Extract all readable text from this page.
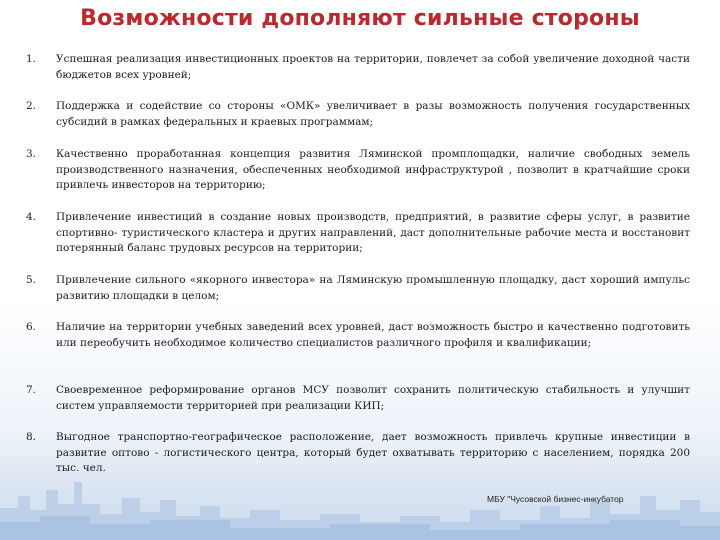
Возможности дополняют сильные стороны
1.	Успешная реализация инвестиционных проектов на территории, повлечет за собой увеличение доходной части бюджетов всех уровней;
2.	Поддержка и содействие со стороны «ОМК» увеличивает в разы возможность получения государственных субсидий в рамках федеральных и краевых программам;
3.	Качественно проработанная концепция развития Ляминской промплощадки, наличие свободных земель производственного назначения, обеспеченных необходимой инфраструктурой , позволит в кратчайшие сроки привлечь инвесторов на территорию;
4.	Привлечение инвестиций в создание новых производств, предприятий, в развитие сферы услуг, в развитие спортивно- туристического кластера и других направлений, даст дополнительные рабочие места и восстановит потерянный баланс трудовых ресурсов на территории;
5.	Привлечение сильного «якорного инвестора» на Ляминскую промышленную площадку, даст хороший импульс развитию площадки в целом;
6.	Наличие на территории учебных заведений всех уровней, даст возможность быстро и качественно подготовить или переобучить необходимое количество специалистов различного профиля и квалификации;
7.	Своевременное реформирование органов МСУ позволит сохранить политическую стабильность и улучшит систем управляемости территорией при реализации КИП;
8.	Выгодное транспортно-географическое расположение, дает возможность привлечь крупные инвестиции в развитие оптово - логистического центра, который будет охватывать территорию с населением, порядка 200 тыс. чел.
МБУ "Чусовской бизнес-инкубатор
